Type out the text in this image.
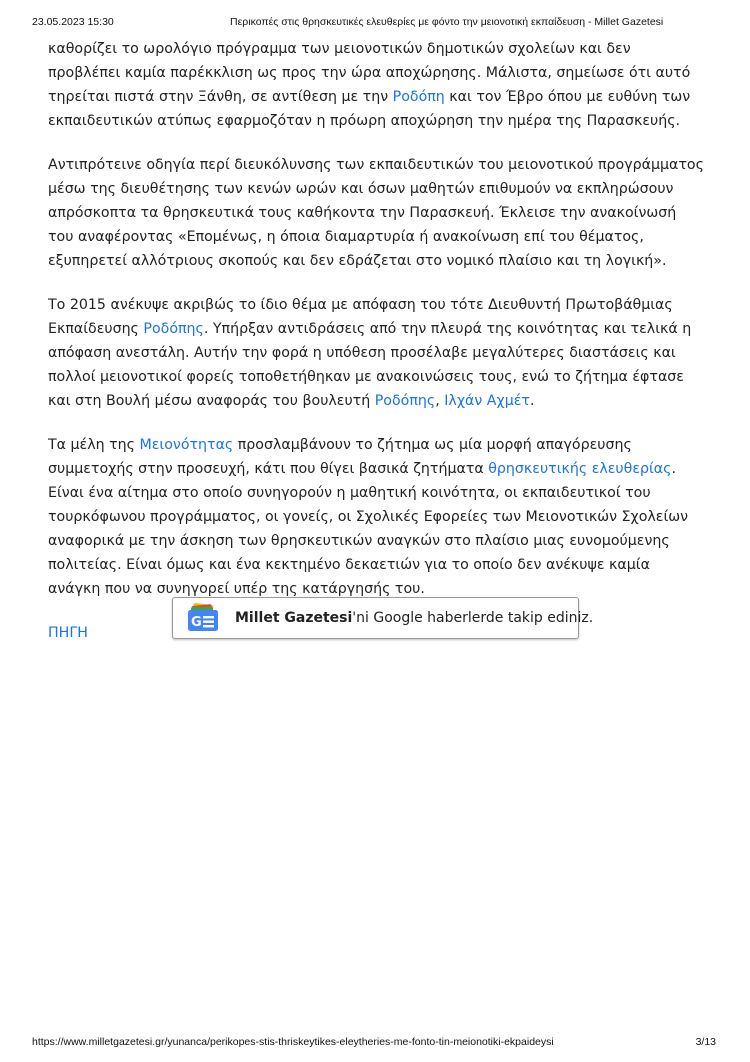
23.05.2023 15:30	Περικοπές στις θρησκευτικές ελευθερίες με φόντο την μειονοτική εκπαίδευση - Millet Gazetesi

καθορίζει το ωρολόγιο πρόγραμμα των μειονοτικών δημοτικών σχολείων και δεν προβλέπει καμία παρέκκλιση ως προς την ώρα αποχώρησης. Μάλιστα, σημείωσε ότι αυτό τηρείται πιστά στην Ξάνθη, σε αντίθεση με την Ροδόπη και τον Έβρο όπου με ευθύνη των εκπαιδευτικών ατύπως εφαρμοζόταν η πρόωρη αποχώρηση την ημέρα της Παρασκευής.

Αντιπρότεινε οδηγία περί διευκόλυνσης των εκπαιδευτικών του μειονοτικού προγράμματος μέσω της διευθέτησης των κενών ωρών και όσων μαθητών επιθυμούν να εκπληρώσουν απρόσκοπτα τα θρησκευτικά τους καθήκοντα την Παρασκευή. Έκλεισε την ανακοίνωσή του αναφέροντας «Επομένως, η όποια διαμαρτυρία ή ανακοίνωση επί του θέματος, εξυπηρετεί αλλότριους σκοπούς και δεν εδράζεται στο νομικό πλαίσιο και τη λογική».

Το 2015 ανέκυψε ακριβώς το ίδιο θέμα με απόφαση του τότε Διευθυντή Πρωτοβάθμιας Εκπαίδευσης Ροδόπης. Υπήρξαν αντιδράσεις από την πλευρά της κοινότητας και τελικά η απόφαση ανεστάλη. Αυτήν την φορά η υπόθεση προσέλαβε μεγαλύτερες διαστάσεις και πολλοί μειονοτικοί φορείς τοποθετήθηκαν με ανακοινώσεις τους, ενώ το ζήτημα έφτασε και στη Βουλή μέσω αναφοράς του βουλευτή Ροδόπης, Ιλχάν Αχμέτ.

Τα μέλη της Μειονότητας προσλαμβάνουν το ζήτημα ως μία μορφή απαγόρευσης συμμετοχής στην προσευχή, κάτι που θίγει βασικά ζητήματα θρησκευτικής ελευθερίας. Είναι ένα αίτημα στο οποίο συνηγορούν η μαθητική κοινότητα, οι εκπαιδευτικοί του τουρκόφωνου προγράμματος, οι γονείς, οι Σχολικές Εφορείες των Μειονοτικών Σχολείων αναφορικά με την άσκηση των θρησκευτικών αναγκών στο πλαίσιο μιας ευνομούμενης πολιτείας. Είναι όμως και ένα κεκτημένο δεκαετιών για το οποίο δεν ανέκυψε καμία ανάγκη που να συνηγορεί υπέρ της κατάργησής του.

ΠΗΓΗ

G Millet Gazetesi'ni Google haberlerde takip ediniz.
https://www.milletgazetesi.gr/yunanca/perikopes-stis-thriskeytikes-eleytheries-me-fonto-tin-meionotiki-ekpaideysi	3/13
